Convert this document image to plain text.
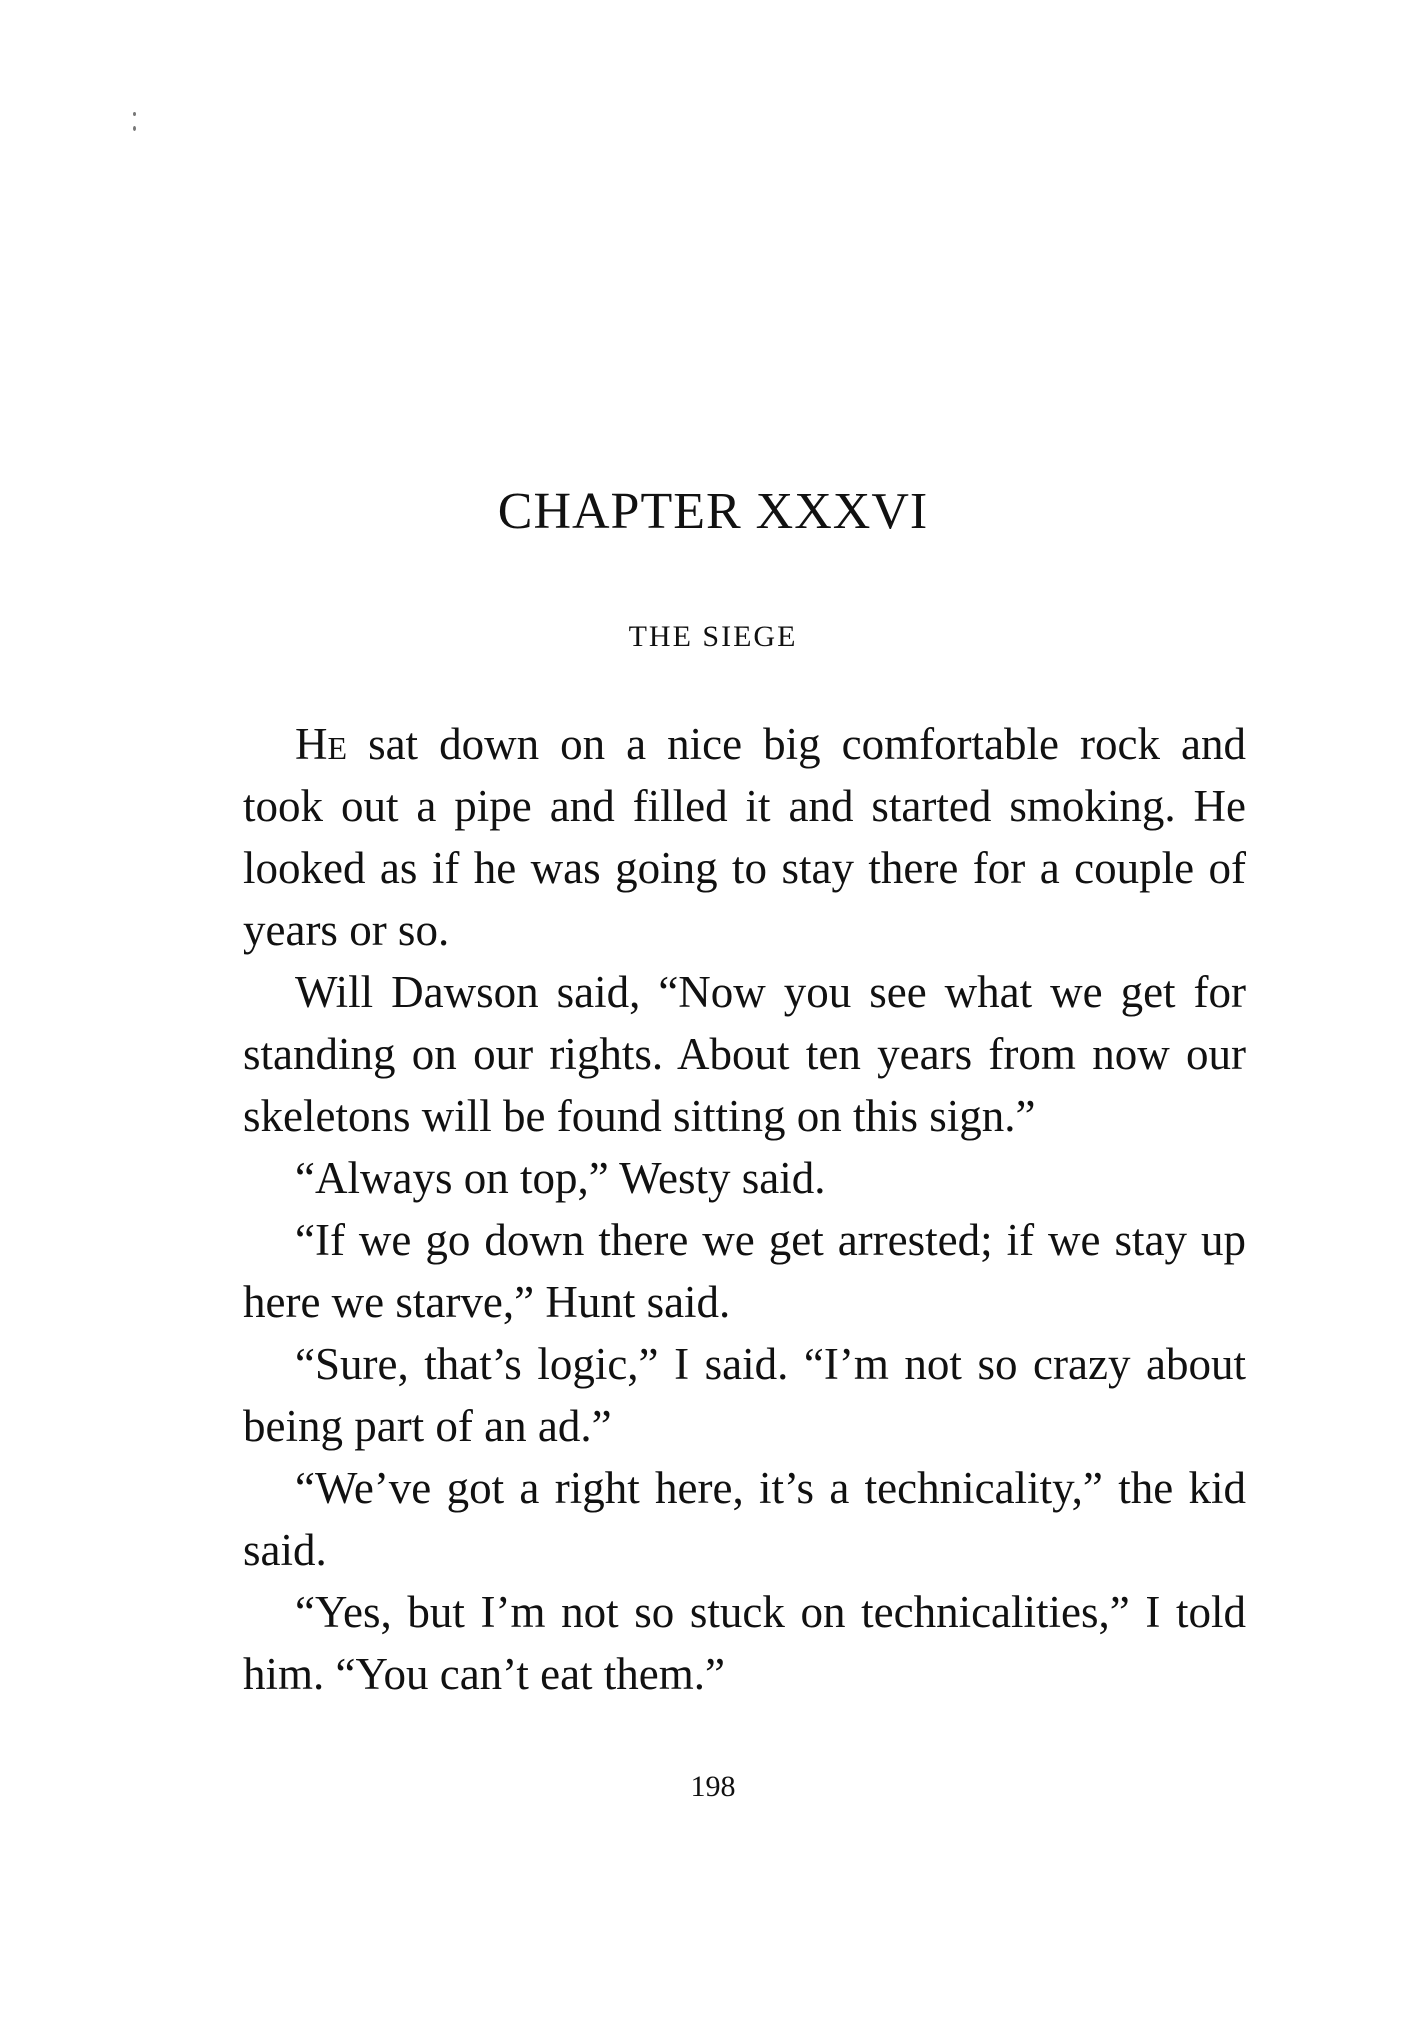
CHAPTER XXXVI
THE SIEGE

He sat down on a nice big comfortable rock and took out a pipe and filled it and started smoking. He looked as if he was going to stay there for a couple of years or so.

Will Dawson said, “Now you see what we get for standing on our rights. About ten years from now our skeletons will be found sitting on this sign.”

“Always on top,” Westy said.

“If we go down there we get arrested; if we stay up here we starve,” Hunt said.

“Sure, that’s logic,” I said. “I’m not so crazy about being part of an ad.”

“We’ve got a right here, it’s a technicality,” the kid said.

“Yes, but I’m not so stuck on technicalities,” I told him. “You can’t eat them.”

198
